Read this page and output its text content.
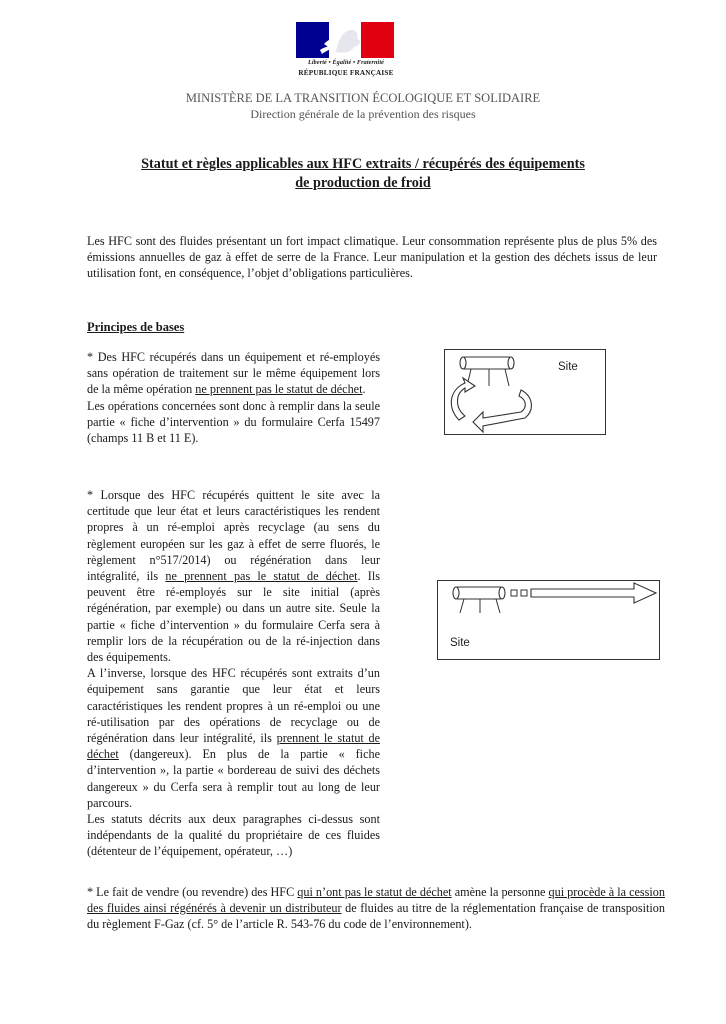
Liberté • Égalité • Fraternité
RÉPUBLIQUE FRANÇAISE
MINISTÈRE DE LA TRANSITION ÉCOLOGIQUE ET SOLIDAIRE
Direction générale de la prévention des risques
Statut et règles applicables aux HFC extraits / récupérés des équipements
de production de froid
Les HFC sont des fluides présentant un fort impact climatique. Leur consommation représente plus de plus 5% des émissions annuelles de gaz à effet de serre de la France. Leur manipulation et la gestion des déchets issus de leur utilisation font, en conséquence, l’objet d’obligations particulières.
Principes de bases
* Des HFC récupérés dans un équipement et ré-employés sans opération de traitement sur le même équipement lors de la même opération ne prennent pas le statut de déchet.
Les opérations concernées sont donc à remplir dans la seule partie « fiche d’intervention » du formulaire Cerfa 15497 (champs 11 B et 11 E).
* Lorsque des HFC récupérés quittent le site avec la certitude que leur état et leurs caractéristiques les rendent propres à un ré-emploi après recyclage (au sens du règlement européen sur les gaz à effet de serre fluorés, le règlement n°517/2014) ou régénération dans leur intégralité, ils ne prennent pas le statut de déchet. Ils peuvent être ré-employés sur le site initial (après régénération, par exemple) ou dans un autre site. Seule la partie « fiche d’intervention » du formulaire Cerfa sera à remplir lors de la récupération ou de la ré-injection dans des équipements.
A l’inverse, lorsque des HFC récupérés sont extraits d’un équipement sans garantie que leur état et leurs caractéristiques les rendent propres à un ré-emploi ou une ré-utilisation par des opérations de recyclage ou de régénération dans leur intégralité, ils prennent le statut de déchet (dangereux). En plus de la partie « fiche d’intervention », la partie « bordereau de suivi des déchets dangereux » du Cerfa sera à remplir tout au long de leur parcours.
Les statuts décrits aux deux paragraphes ci-dessus sont indépendants de la qualité du propriétaire de ces fluides (détenteur de l’équipement, opérateur, …)
Site
Site
* Le fait de vendre (ou revendre) des HFC qui n’ont pas le statut de déchet amène la personne qui procède à la cession des fluides ainsi régénérés à devenir un distributeur de fluides au titre de la réglementation française de transposition du règlement F-Gaz (cf. 5° de l’article R. 543-76 du code de l’environnement).
